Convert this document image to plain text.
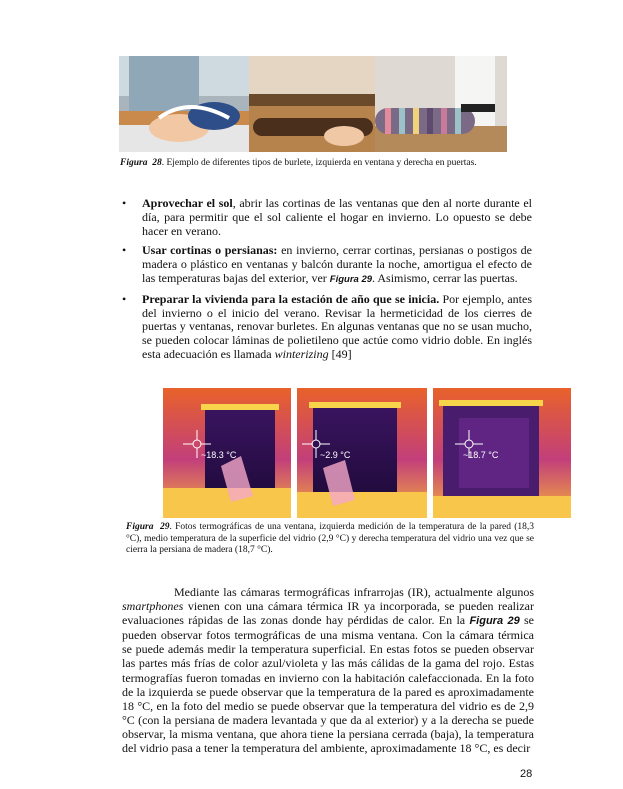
Figura 28. Ejemplo de diferentes tipos de burlete, izquierda en ventana y derecha en puertas.
• Aprovechar el sol, abrir las cortinas de las ventanas que den al norte durante el día, para permitir que el sol caliente el hogar en invierno. Lo opuesto se debe hacer en verano.
• Usar cortinas o persianas: en invierno, cerrar cortinas, persianas o postigos de madera o plástico en ventanas y balcón durante la noche, amortigua el efecto de las temperaturas bajas del exterior, ver Figura 29. Asimismo, cerrar las puertas.
• Preparar la vivienda para la estación de año que se inicia. Por ejemplo, antes del invierno o el inicio del verano. Revisar la hermeticidad de los cierres de puertas y ventanas, renovar burletes. En algunas ventanas que no se usan mucho, se pueden colocar láminas de polietileno que actúe como vidrio doble. En inglés esta adecuación es llamada winterizing [49]
~18.3 °C	~2.9 °C	~18.7 °C
Figura 29. Fotos termográficas de una ventana, izquierda medición de la temperatura de la pared (18,3 °C), medio temperatura de la superficie del vidrio (2,9 °C) y derecha temperatura del vidrio una vez que se cierra la persiana de madera (18,7 °C).

Mediante las cámaras termográficas infrarrojas (IR), actualmente algunos smartphones vienen con una cámara térmica IR ya incorporada, se pueden realizar evaluaciones rápidas de las zonas donde hay pérdidas de calor. En la Figura 29 se pueden observar fotos termográficas de una misma ventana. Con la cámara térmica se puede además medir la temperatura superficial. En estas fotos se pueden observar las partes más frías de color azul/violeta y las más cálidas de la gama del rojo. Estas termografías fueron tomadas en invierno con la habitación calefaccionada. En la foto de la izquierda se puede observar que la temperatura de la pared es aproximadamente 18 °C, en la foto del medio se puede observar que la temperatura del vidrio es de 2,9 °C (con la persiana de madera levantada y que da al exterior) y a la derecha se puede observar, la misma ventana, que ahora tiene la persiana cerrada (baja), la temperatura del vidrio pasa a tener la temperatura del ambiente, aproximadamente 18 °C, es decir

28
